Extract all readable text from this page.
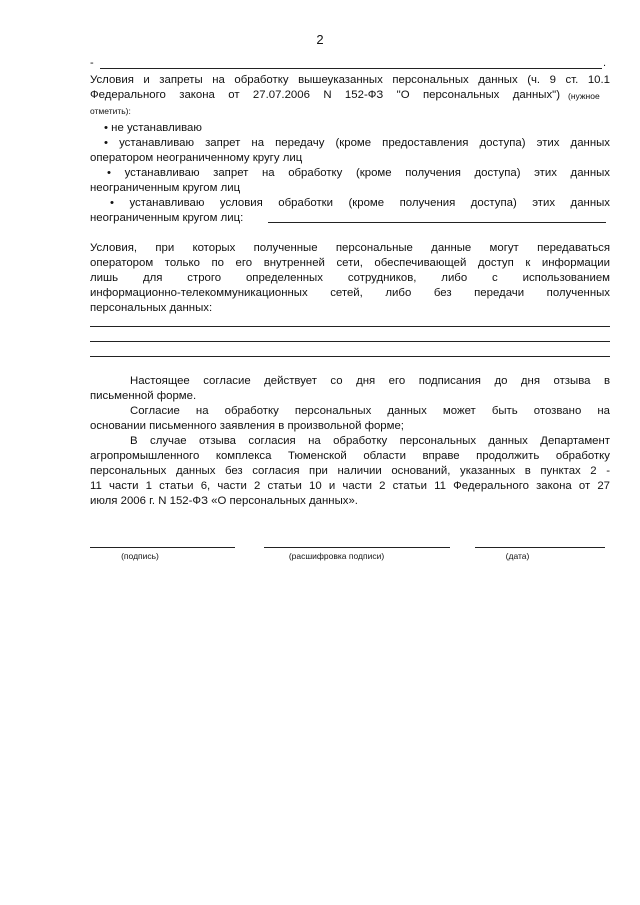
2
-	.
Условия и запреты на обработку вышеуказанных персональных данных (ч. 9 ст. 10.1
Федерального закона от 27.07.2006 N 152-ФЗ "О персональных данных") (нужное
отметить):
• не устанавливаю
• устанавливаю запрет на передачу (кроме предоставления доступа) этих данных
оператором неограниченному кругу лиц
• устанавливаю запрет на обработку (кроме получения доступа) этих данных
неограниченным кругом лиц
• устанавливаю условия обработки (кроме получения доступа) этих данных
неограниченным кругом лиц:
Условия, при которых полученные персональные данные могут передаваться
оператором только по его внутренней сети, обеспечивающей доступ к информации
лишь для строго определенных сотрудников, либо с использованием
информационно-телекоммуникационных сетей, либо без передачи полученных
персональных данных:
Настоящее согласие действует со дня его подписания до дня отзыва в
письменной форме.
Согласие на обработку персональных данных может быть отозвано на
основании письменного заявления в произвольной форме;
В случае отзыва согласия на обработку персональных данных Департамент
агропромышленного комплекса Тюменской области вправе продолжить обработку
персональных данных без согласия при наличии оснований, указанных в пунктах 2 -
11 части 1 статьи 6, части 2 статьи 10 и части 2 статьи 11 Федерального закона от 27
июля 2006 г. N 152-ФЗ «О персональных данных».
(подпись)	(расшифровка подписи)	(дата)
